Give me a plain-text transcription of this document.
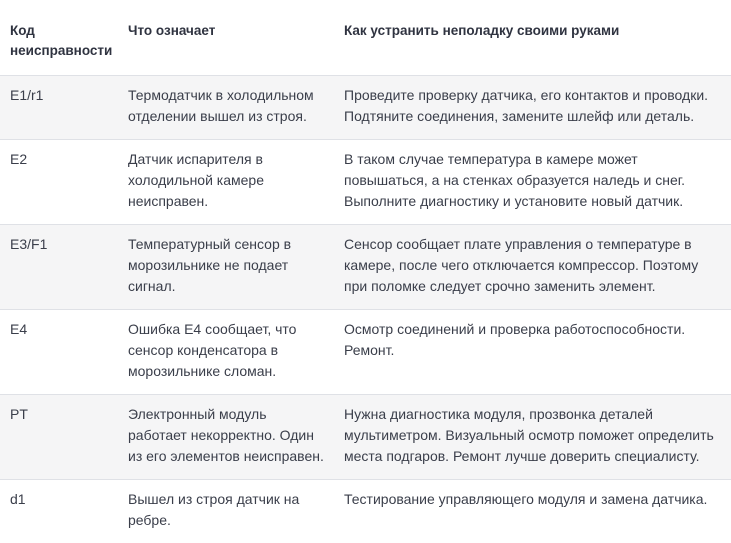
Код неисправности	Что означает	Как устранить неполадку своими руками
E1/r1	Термодатчик в холодильном отделении вышел из строя.	Проведите проверку датчика, его контактов и проводки. Подтяните соединения, замените шлейф или деталь.
E2	Датчик испарителя в холодильной камере неисправен.	В таком случае температура в камере может повышаться, а на стенках образуется наледь и снег. Выполните диагностику и установите новый датчик.
E3/F1	Температурный сенсор в морозильнике не подает сигнал.	Сенсор сообщает плате управления о температуре в камере, после чего отключается компрессор. Поэтому при поломке следует срочно заменить элемент.
E4	Ошибка E4 сообщает, что сенсор конденсатора в морозильнике сломан.	Осмотр соединений и проверка работоспособности. Ремонт.
PT	Электронный модуль работает некорректно. Один из его элементов неисправен.	Нужна диагностика модуля, прозвонка деталей мультиметром. Визуальный осмотр поможет определить места подгаров. Ремонт лучше доверить специалисту.
d1	Вышел из строя датчик на ребре.	Тестирование управляющего модуля и замена датчика.
